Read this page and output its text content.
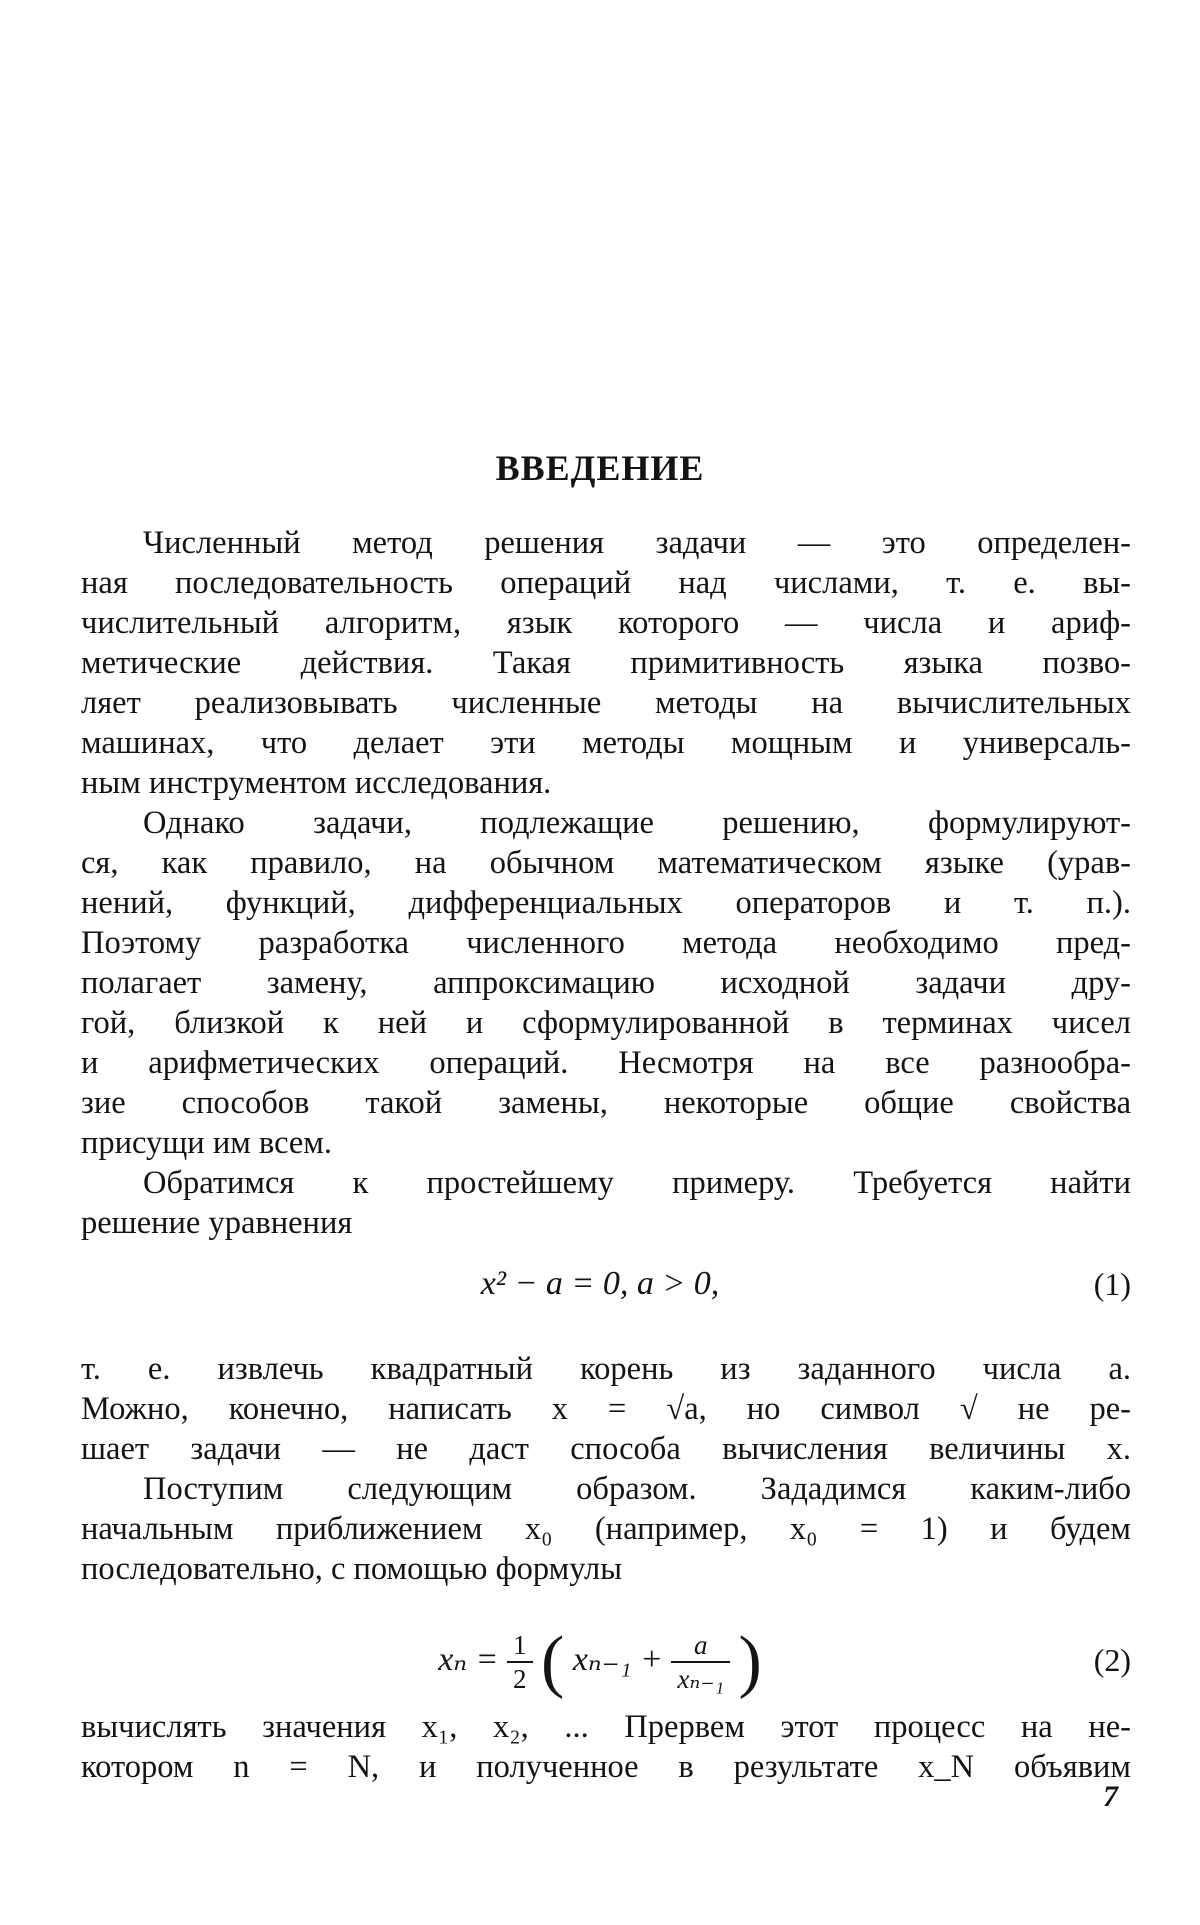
ВВЕДЕНИЕ
Численный метод решения задачи — это определен-
ная последовательность операций над числами, т. е. вы-
числительный алгоритм, язык которого — числа и ариф-
метические действия. Такая примитивность языка позво-
ляет реализовывать численные методы на вычислительных
машинах, что делает эти методы мощным и универсаль-
ным инструментом исследования.
Однако задачи, подлежащие решению, формулируют-
ся, как правило, на обычном математическом языке (урав-
нений, функций, дифференциальных операторов и т. п.).
Поэтому разработка численного метода необходимо пред-
полагает замену, аппроксимацию исходной задачи дру-
гой, близкой к ней и сформулированной в терминах чисел
и арифметических операций. Несмотря на все разнообра-
зие способов такой замены, некоторые общие свойства
присущи им всем.
Обратимся к простейшему примеру. Требуется найти
решение уравнения
x² − a = 0, a > 0,	(1)
т. е. извлечь квадратный корень из заданного числа a.
Можно, конечно, написать x = √a, но символ √ не ре-
шает задачи — не даст способа вычисления величины x.
Поступим следующим образом. Зададимся каким-либо
начальным приближением x₀ (например, x₀ = 1) и будем
последовательно, с помощью формулы
$x_n = \frac{1}{2}$ ( $x_{n-1} + \frac{a}{\text{xₙ₋₁}}$ )	(2)
вычислять значения x₁, x₂, ... Прервем этот процесс на не-
котором n = N, и полученное в результате x_N объявим
7
